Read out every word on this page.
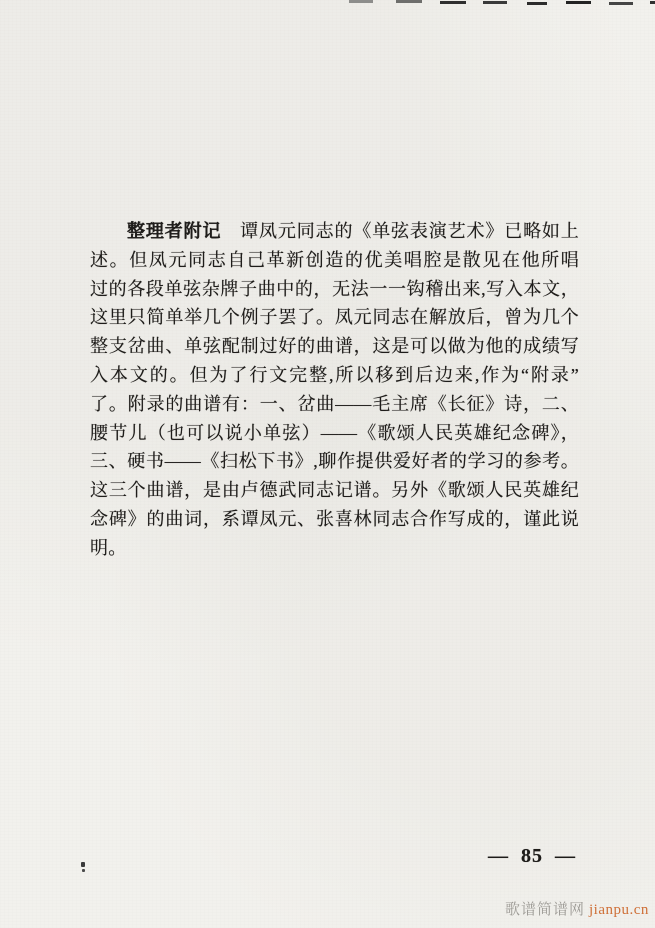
整理者附记　谭凤元同志的《单弦表演艺术》已略如上
述。但凤元同志自己革新创造的优美唱腔是散见在他所唱
过的各段单弦杂牌子曲中的，无法一一钩稽出来,写入本文，
这里只简单举几个例子罢了。凤元同志在解放后，曾为几个
整支岔曲、单弦配制过好的曲谱，这是可以做为他的成绩写
入本文的。但为了行文完整,所以移到后边来,作为“附录”
了。附录的曲谱有：一、岔曲——毛主席《长征》诗，二、
腰节儿（也可以说小单弦）——《歌颂人民英雄纪念碑》，
三、硬书——《扫松下书》,聊作提供爱好者的学习的参考。
这三个曲谱，是由卢德武同志记谱。另外《歌颂人民英雄纪
念碑》的曲词，系谭凤元、张喜林同志合作写成的，谨此说
明。
— 85 —
歌谱简谱网 jianpu.cn
